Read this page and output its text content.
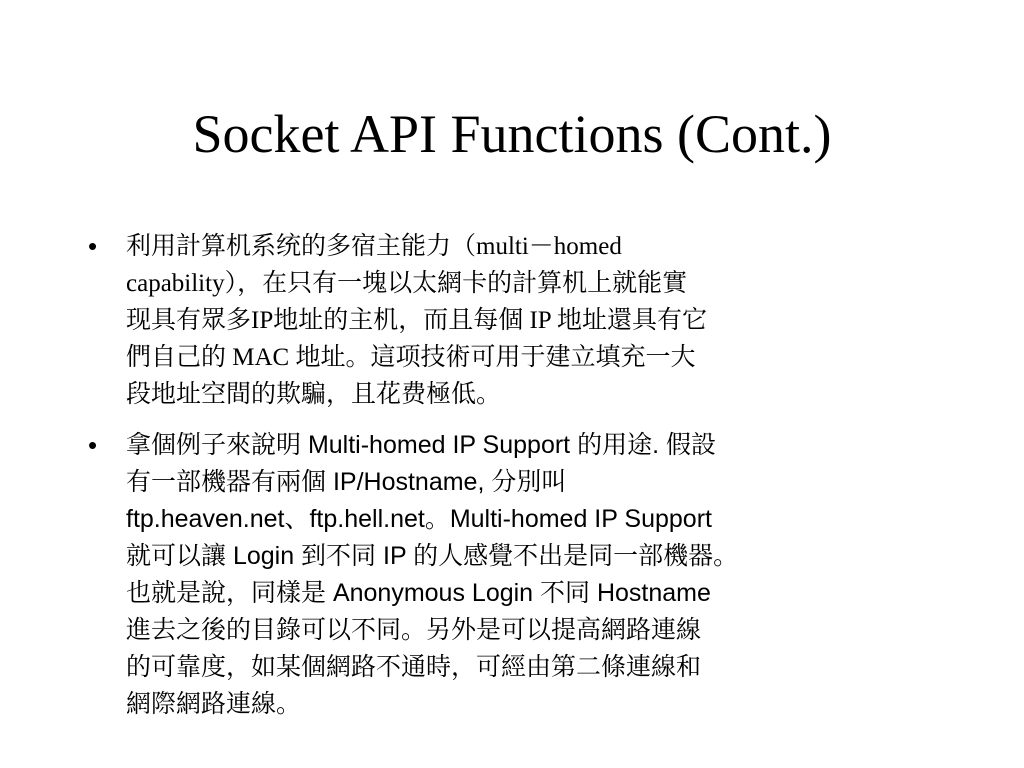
Socket API Functions (Cont.)
• 利用計算机系统的多宿主能力（multi－homed
capability），在只有一塊以太網卡的計算机上就能實
现具有眾多IP地址的主机，而且每個 IP 地址還具有它
們自己的 MAC 地址。這项技術可用于建立填充一大
段地址空間的欺騙，且花费極低。
• 拿個例子來說明 Multi-homed IP Support 的用途. 假設
有一部機器有兩個 IP/Hostname, 分別叫
ftp.heaven.net、ftp.hell.net。Multi-homed IP Support
就可以讓 Login 到不同 IP 的人感覺不出是同一部機器。
也就是說，同樣是 Anonymous Login 不同 Hostname
進去之後的目錄可以不同。另外是可以提高網路連線
的可靠度，如某個網路不通時，可經由第二條連線和
網際網路連線。
